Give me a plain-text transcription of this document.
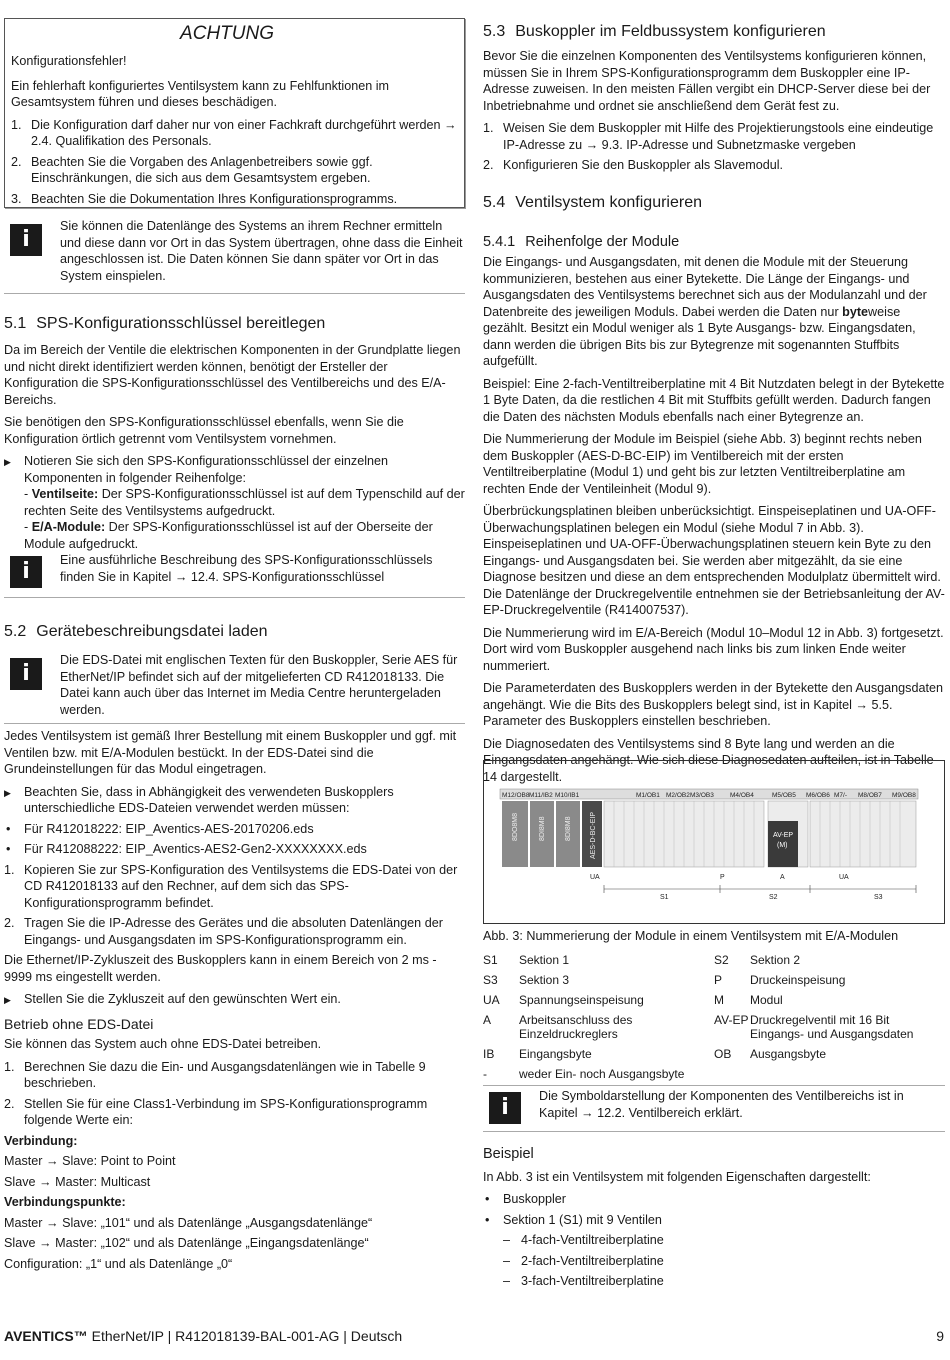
ACHTUNG

Konfigurationsfehler!

Ein fehlerhaft konfiguriertes Ventilsystem kann zu Fehlfunktionen im Gesamtsystem führen und dieses beschädigen.

1. Die Konfiguration darf daher nur von einer Fachkraft durchgeführt werden → 2.4. Qualifikation des Personals.
2. Beachten Sie die Vorgaben des Anlagenbetreibers sowie ggf. Einschränkungen, die sich aus dem Gesamtsystem ergeben.
3. Beachten Sie die Dokumentation Ihres Konfigurationsprogramms.
i
Sie können die Datenlänge des Systems an ihrem Rechner ermitteln und diese dann vor Ort in das System übertragen, ohne dass die Einheit angeschlossen ist. Die Daten können Sie dann später vor Ort in das System einspielen.
5.1 SPS-Konfigurationsschlüssel bereitlegen

Da im Bereich der Ventile die elektrischen Komponenten in der Grundplatte liegen und nicht direkt identifiziert werden können, benötigt der Ersteller der Konfiguration die SPS-Konfigurationsschlüssel des Ventilbereichs und des E/A-Bereichs.

Sie benötigen den SPS-Konfigurationsschlüssel ebenfalls, wenn Sie die Konfiguration örtlich getrennt vom Ventilsystem vornehmen.

▶ Notieren Sie sich den SPS-Konfigurationsschlüssel der einzelnen Komponenten in folgender Reihenfolge:
- Ventilseite: Der SPS-Konfigurationsschlüssel ist auf dem Typenschild auf der rechten Seite des Ventilsystems aufgedruckt.
- E/A-Module: Der SPS-Konfigurationsschlüssel ist auf der Oberseite der Module aufgedruckt.
i	Eine ausführliche Beschreibung des SPS-Konfigurationsschlüssels finden Sie in Kapitel → 12.4. SPS-Konfigurationsschlüssel
5.2 Gerätebeschreibungsdatei laden
i
Die EDS-Datei mit englischen Texten für den Buskoppler, Serie AES für EtherNet/IP befindet sich auf der mitgelieferten CD R412018133. Die Datei kann auch über das Internet im Media Centre heruntergeladen werden.

Jedes Ventilsystem ist gemäß Ihrer Bestellung mit einem Buskoppler und ggf. mit Ventilen bzw. mit E/A-Modulen bestückt. In der EDS-Datei sind die Grundeinstellungen für das Modul eingetragen.

▶ Beachten Sie, dass in Abhängigkeit des verwendeten Buskopplers unterschiedliche EDS-Dateien verwendet werden müssen:
• Für R412018222: EIP_Aventics-AES-20170206.eds
• Für R412088222: EIP_Aventics-AES2-Gen2-XXXXXXXX.eds
1. Kopieren Sie zur SPS-Konfiguration des Ventilsystems die EDS-Datei von der CD R412018133 auf den Rechner, auf dem sich das SPS-Konfigurationsprogramm befindet.
2. Tragen Sie die IP-Adresse des Gerätes und die absoluten Datenlängen der Eingangs- und Ausgangsdaten im SPS-Konfigurationsprogramm ein.

Die Ethernet/IP-Zykluszeit des Buskopplers kann in einem Bereich von 2 ms - 9999 ms eingestellt werden.

▶ Stellen Sie die Zykluszeit auf den gewünschten Wert ein.
Betrieb ohne EDS-Datei

Sie können das System auch ohne EDS-Datei betreiben.

1. Berechnen Sie dazu die Ein- und Ausgangsdatenlängen wie in Tabelle 9 beschrieben.
2. Stellen Sie für eine Class1-Verbindung im SPS-Konfigurationsprogramm folgende Werte ein:

Verbindung:

Master → Slave: Point to Point

Slave → Master: Multicast

Verbindungspunkte:

Master → Slave: „101“ und als Datenlänge „Ausgangsdatenlänge“

Slave → Master: „102“ und als Datenlänge „Eingangsdatenlänge“

Configuration: „1“ und als Datenlänge „0“

5.3 Buskoppler im Feldbussystem konfigurieren

Bevor Sie die einzelnen Komponenten des Ventilsystems konfigurieren können, müssen Sie in Ihrem SPS-Konfigurationsprogramm dem Buskoppler eine IP-Adresse zuweisen. In den meisten Fällen vergibt ein DHCP-Server diese bei der Inbetriebnahme und ordnet sie anschließend dem Gerät fest zu.

1. Weisen Sie dem Buskoppler mit Hilfe des Projektierungstools eine eindeutige IP-Adresse zu → 9.3. IP-Adresse und Subnetzmaske vergeben
2. Konfigurieren Sie den Buskoppler als Slavemodul.
5.4 Ventilsystem konfigurieren
5.4.1 Reihenfolge der Module

Die Eingangs- und Ausgangsdaten, mit denen die Module mit der Steuerung kommunizieren, bestehen aus einer Bytekette. Die Länge der Eingangs- und Ausgangsdaten des Ventilsystems berechnet sich aus der Modulanzahl und der Datenbreite des jeweiligen Moduls. Dabei werden die Daten nur byteweise gezählt. Besitzt ein Modul weniger als 1 Byte Ausgangs- bzw. Eingangsdaten, dann werden die übrigen Bits bis zur Bytegrenze mit sogenannten Stuffbits aufgefüllt.

Beispiel: Eine 2-fach-Ventiltreiberplatine mit 4 Bit Nutzdaten belegt in der Bytekette 1 Byte Daten, da die restlichen 4 Bit mit Stuffbits gefüllt werden. Dadurch fangen die Daten des nächsten Moduls ebenfalls nach einer Bytegrenze an.

Die Nummerierung der Module im Beispiel (siehe Abb. 3) beginnt rechts neben dem Buskoppler (AES-D-BC-EIP) im Ventilbereich mit der ersten Ventiltreiberplatine (Modul 1) und geht bis zur letzten Ventiltreiberplatine am rechten Ende der Ventileinheit (Modul 9).

Überbrückungsplatinen bleiben unberücksichtigt. Einspeiseplatinen und UA-OFF-Überwachungsplatinen belegen ein Modul (siehe Modul 7 in Abb. 3). Einspeiseplatinen und UA-OFF-Überwachungsplatinen steuern kein Byte zu den Eingangs- und Ausgangsdaten bei. Sie werden aber mitgezählt, da sie eine Diagnose besitzen und diese an dem entsprechenden Modulplatz übermittelt wird. Die Datenlänge der Druckregelventile entnehmen sie der Betriebsanleitung der AV-EP-Druckregelventile (R414007537).

Die Nummerierung wird im E/A-Bereich (Modul 10–Modul 12 in Abb. 3) fortgesetzt. Dort wird vom Buskoppler ausgehend nach links bis zum linken Ende weiter nummeriert.

Die Parameterdaten des Buskopplers werden in der Bytekette den Ausgangsdaten angehängt. Wie die Bits des Buskopplers belegt sind, ist in Kapitel → 5.5. Parameter des Buskopplers einstellen beschrieben.

Die Diagnosedaten des Ventilsystems sind 8 Byte lang und werden an die Eingangsdaten angehängt. Wie sich diese Diagnosedaten aufteilen, ist in Tabelle 14 dargestellt.

M12/OB8 M11/IB2 M10/IB1	M1/OB1 M2/OB2 M3/OB3 M4/OB4	M5/OB5 M6/OB6 M7/- M8/OB7 M9/OB8
8DO8M8	8DI8M8	8DI8M8	AES-D-BC-EIP	AV-EP
(M)
UA	P	A	UA
S1	S2	S3
Abb. 3: Nummerierung der Module in einem Ventilsystem mit E/A-Modulen
S1	Sektion 1	S2	Sektion 2
S3	Sektion 3	P	Druckeinspeisung
UA	Spannungseinspeisung	M	Modul
A	Arbeitsanschluss des Einzeldruckreglers	AV-EP	Druckregelventil mit 16 Bit Eingangs- und Ausgangsdaten
IB	Eingangsbyte	OB	Ausgangsbyte
-	weder Ein- noch Ausgangsbyte		
i	Die Symboldarstellung der Komponenten des Ventilbereichs ist in Kapitel → 12.2. Ventilbereich erklärt.
Beispiel

In Abb. 3 ist ein Ventilsystem mit folgenden Eigenschaften dargestellt:

• Buskoppler
• Sektion 1 (S1) mit 9 Ventilen
– 4-fach-Ventiltreiberplatine
– 2-fach-Ventiltreiberplatine
– 3-fach-Ventiltreiberplatine
AVENTICS™ EtherNet/IP | R412018139-BAL-001-AG | Deutsch	9
